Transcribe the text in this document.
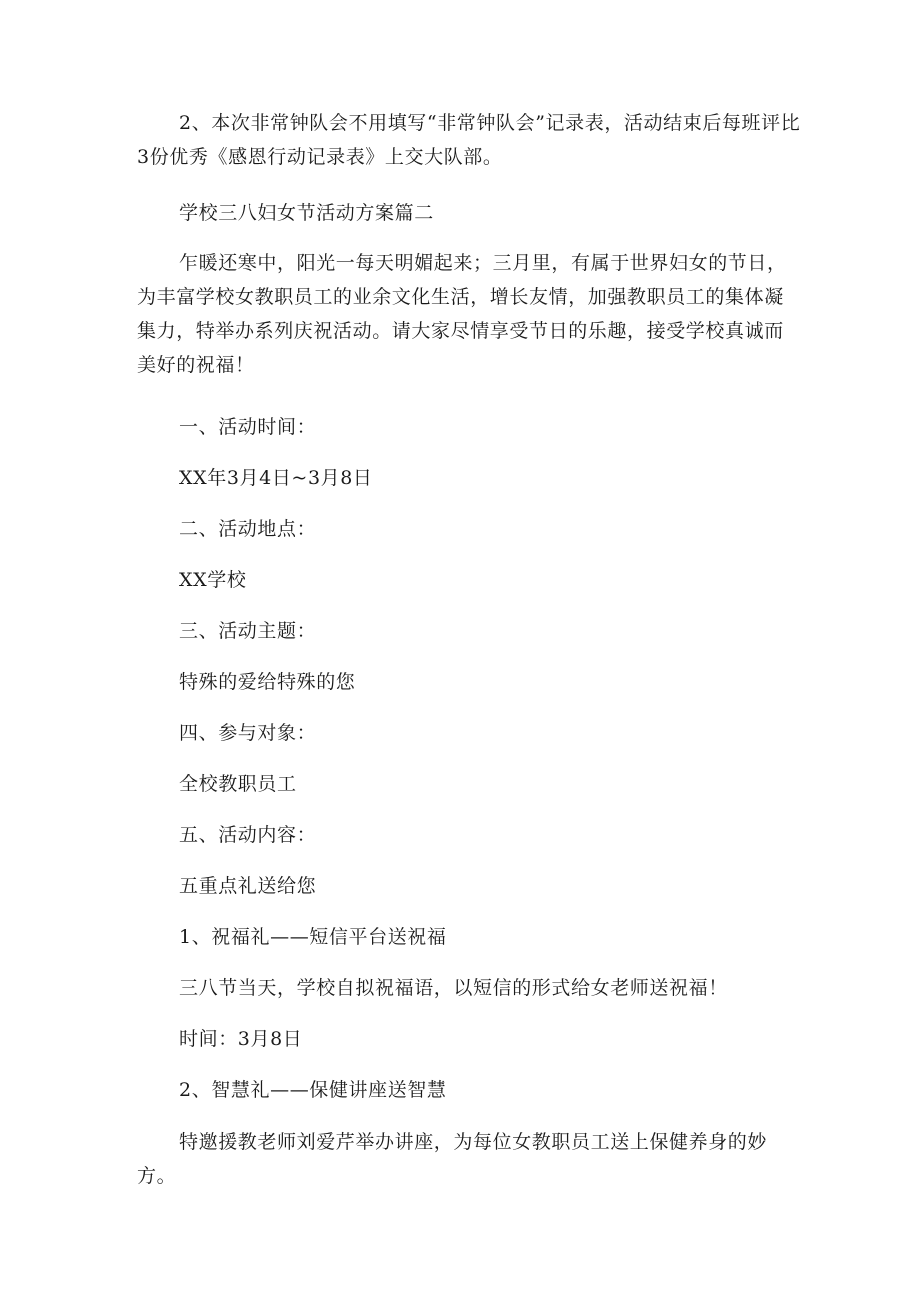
2、本次非常钟队会不用填写“非常钟队会”记录表，活动结束后每班评比3份优秀《感恩行动记录表》上交大队部。

学校三八妇女节活动方案篇二

乍暖还寒中，阳光一每天明媚起来；三月里，有属于世界妇女的节日，为丰富学校女教职员工的业余文化生活，增长友情，加强教职员工的集体凝集力，特举办系列庆祝活动。请大家尽情享受节日的乐趣，接受学校真诚而美好的祝福！

一、活动时间：

XX年3月4日~3月8日

二、活动地点：

XX学校

三、活动主题：

特殊的爱给特殊的您

四、参与对象：

全校教职员工

五、活动内容：

五重点礼送给您

1、祝福礼——短信平台送祝福

三八节当天，学校自拟祝福语，以短信的形式给女老师送祝福！

时间：3月8日

2、智慧礼——保健讲座送智慧

特邀援教老师刘爱芹举办讲座，为每位女教职员工送上保健养身的妙方。
